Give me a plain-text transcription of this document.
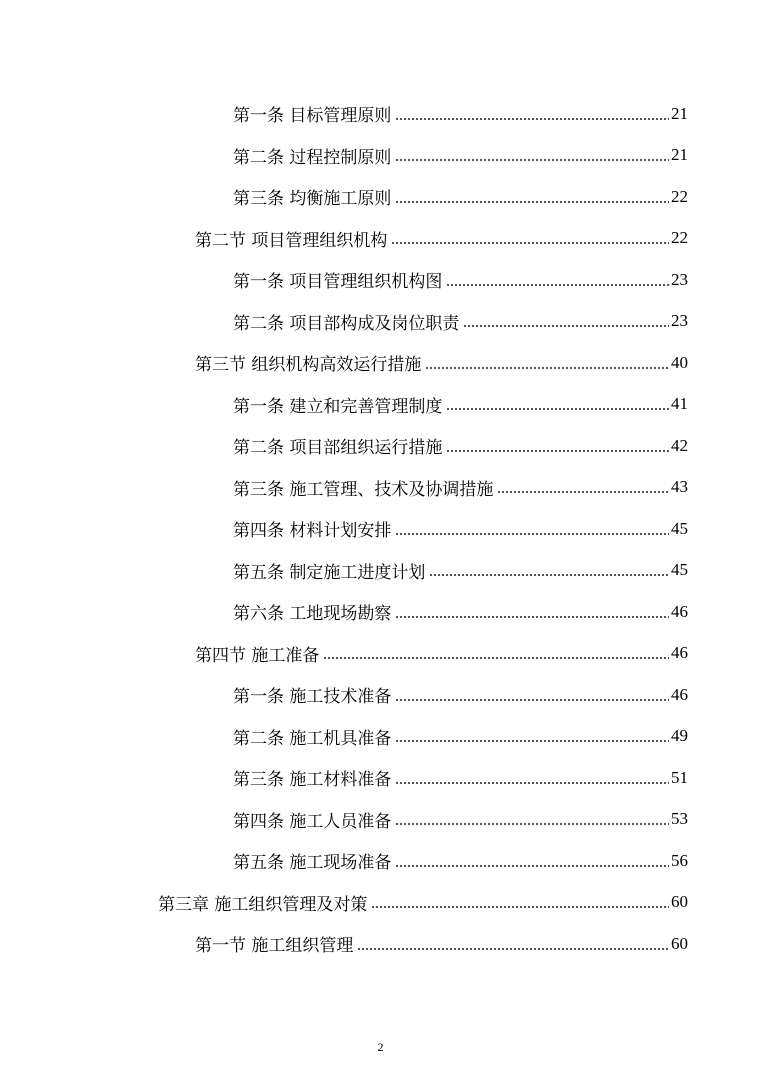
第一条 目标管理原则	21
第二条 过程控制原则	21
第三条 均衡施工原则	22
第二节 项目管理组织机构	22
第一条 项目管理组织机构图	23
第二条 项目部构成及岗位职责	23
第三节 组织机构高效运行措施	40
第一条 建立和完善管理制度	41
第二条 项目部组织运行措施	42
第三条 施工管理、技术及协调措施	43
第四条 材料计划安排	45
第五条 制定施工进度计划	45
第六条 工地现场勘察	46
第四节 施工准备	46
第一条 施工技术准备	46
第二条 施工机具准备	49
第三条 施工材料准备	51
第四条 施工人员准备	53
第五条 施工现场准备	56
第三章 施工组织管理及对策	60
第一节 施工组织管理	60
2
